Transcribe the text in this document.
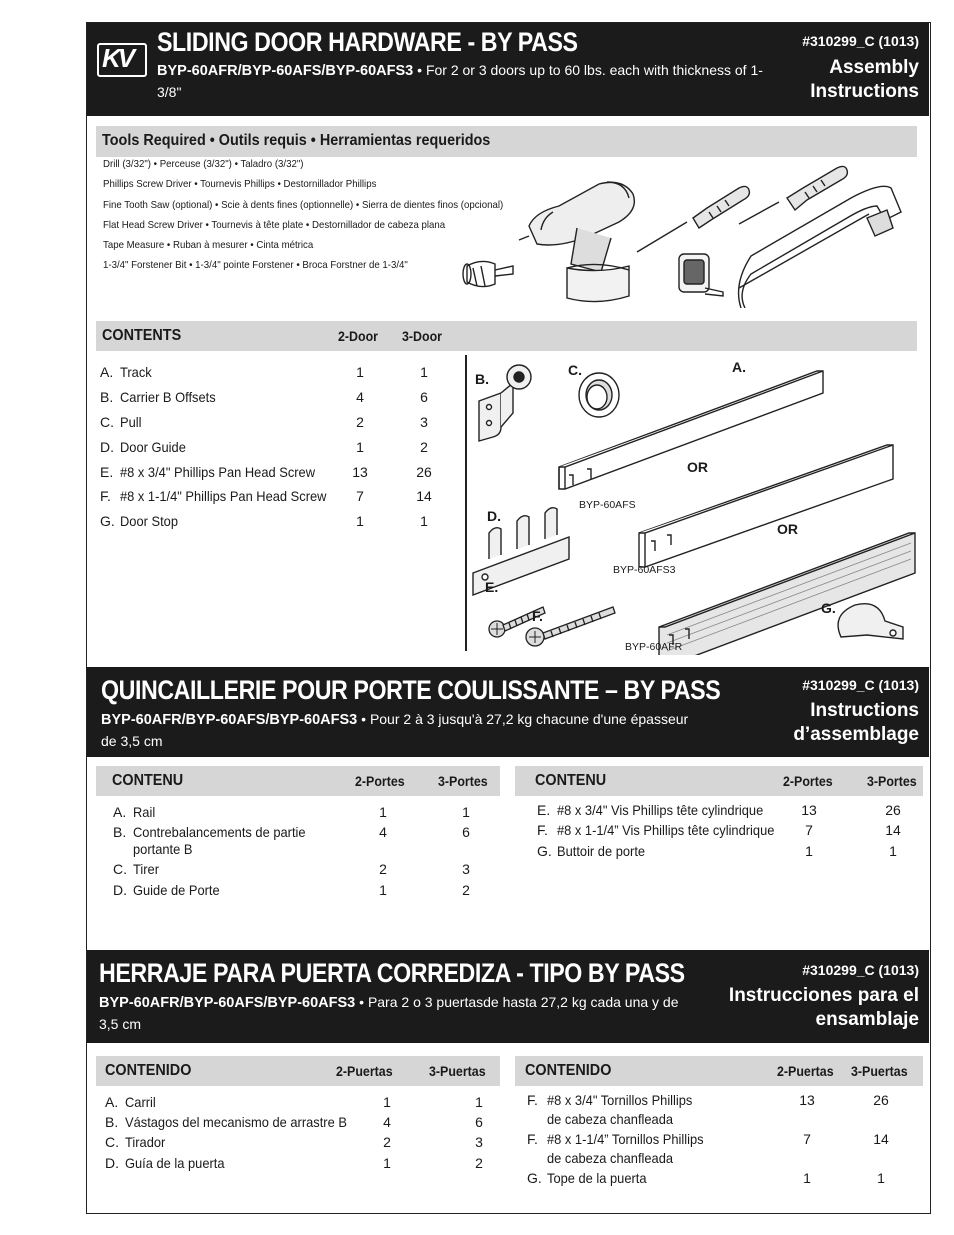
KV
SLIDING DOOR HARDWARE - BY PASS
BYP-60AFR/BYP-60AFS/BYP-60AFS3 • For 2 or 3 doors up to 60 lbs. each with thickness of 1-3/8"
#310299_C (1013)
Assembly Instructions
Tools Required • Outils requis • Herramientas requeridos
Drill (3/32") • Perceuse (3/32") • Taladro (3/32")
Phillips Screw Driver • Tournevis Phillips • Destornillador Phillips
Fine Tooth Saw (optional) • Scie à dents fines (optionnelle) • Sierra de dientes finos (opcional)
Flat Head Screw Driver • Tournevis à tête plate • Destornillador de cabeza plana
Tape Measure • Ruban à mesurer • Cinta métrica
1-3/4" Forstener Bit • 1-3/4" pointe Forstener • Broca Forstner de 1-3/4"
CONTENTS	2-Door 3-Door
A. Track	1	1
B. Carrier B Offsets	4	6
C. Pull	2	3
D. Door Guide	1	2
E. #8 x 3/4" Phillips Pan Head Screw	13	26
F. #8 x 1-1/4" Phillips Pan Head Screw	7	14
G. Door Stop	1	1
B.
C.	A.
OR
BYP-60AFS
D.
OR
BYP-60AFS3
E.
F.	G.
BYP-60AFR
QUINCAILLERIE POUR PORTE COULISSANTE – BY PASS
BYP-60AFR/BYP-60AFS/BYP-60AFS3 • Pour 2 à 3 jusqu'à 27,2 kg chacune d'une épasseur de 3,5 cm
#310299_C (1013)
Instructions d’assemblage
CONTENU	2-Portes 3-Portes	CONTENU	2-Portes	3-Portes
A. Rail	1	1
B. Contrebalancements de partie	4	6
portante B
C. Tirer	2	3
D. Guide de Porte	1	2
E. #8 x 3/4" Vis Phillips tête cylindrique	13	26
F. #8 x 1-1/4” Vis Phillips tête cylindrique	7	14
G. Buttoir de porte	1	1
HERRAJE PARA PUERTA CORREDIZA - TIPO BY PASS
BYP-60AFR/BYP-60AFS/BYP-60AFS3 • Para 2 o 3 puertasde hasta 27,2 kg cada una y de 3,5 cm
#310299_C (1013)
Instrucciones para el ensamblaje
CONTENIDO	2-Puertas	3-Puertas CONTENIDO	2-Puertas 3-Puertas
A. Carril	1	1
B. Vástagos del mecanismo de arrastre B	4	6
C. Tirador	2	3
D. Guía de la puerta	1	2
F. #8 x 3/4" Tornillos Phillips	13	26
de cabeza chanfleada
F. #8 x 1-1/4” Tornillos Phillips	7	14
de cabeza chanfleada
G. Tope de la puerta	1	1
